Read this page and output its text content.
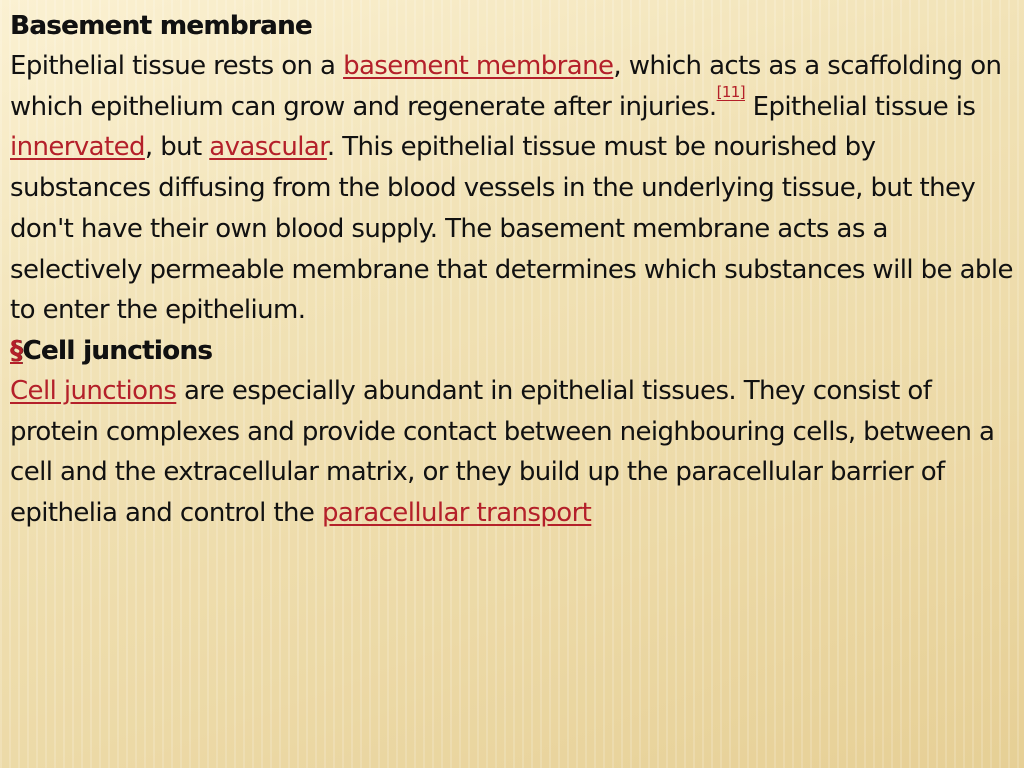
Basement membrane

Epithelial tissue rests on a basement membrane, which acts as a scaffolding on which epithelium can grow and regenerate after injuries.[11] Epithelial tissue is innervated, but avascular. This epithelial tissue must be nourished by substances diffusing from the blood vessels in the underlying tissue, but they don't have their own blood supply. The basement membrane acts as a selectively permeable membrane that determines which substances will be able to enter the epithelium.

§Cell junctions

Cell junctions are especially abundant in epithelial tissues. They consist of protein complexes and provide contact between neighbouring cells, between a cell and the extracellular matrix, or they build up the paracellular barrier of epithelia and control the paracellular transport
